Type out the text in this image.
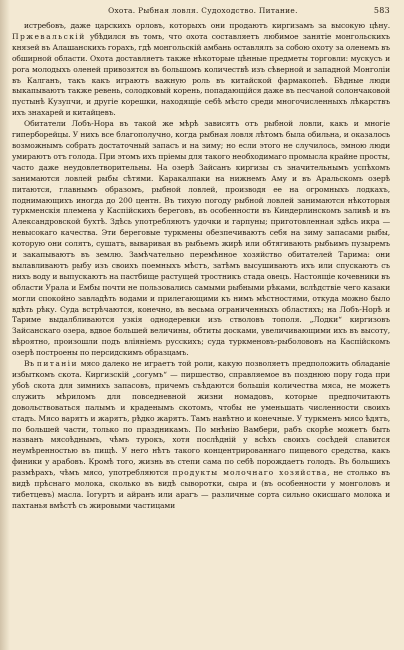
Охота. Рыбная ловля. Судоходство. Питание.	583

истребовъ, даже царскихъ орловъ, которыхъ они продаютъ киргизамъ за высокую цѣну. Пржевальскій убѣдился въ томъ, что охота составляетъ любимое занятіе монгольскихъ князей въ Алашанскихъ горахъ, гдѣ монгольскій амбань оставлялъ за собою охоту за оленемъ въ обширной области. Охота доставляетъ также нѣкоторые цѣнные предметы торговли: мускусъ и рога молодыхъ оленей привозятся въ большомъ количествѣ изъ сѣверной и западной Монголіи въ Калганъ, такъ какъ играютъ важную роль въ китайской фармакопеѣ. Бѣдные люди выкапываютъ также ревень, солодковый корень, попадающійся даже въ песчаной солончаковой пустынѣ Кузупчи, и другіе корешки, находящіе себѣ мѣсто среди многочисленныхъ лѣкарствъ ихъ знахарей и китайцевъ.

Обитатели Лобъ-Нора въ такой же мѣрѣ зависятъ отъ рыбной ловли, какъ и многіе гиперборейцы. У нихъ все благополучно, когда рыбная ловля лѣтомъ была обильна, и оказалось возможнымъ собрать достаточный запасъ и на зиму; но если этого не случилось, эмною люди умираютъ отъ голода. При этомъ ихъ пріемы для такого необходимаго промысла крайне просты, часто даже неудовлетворительны. На озерѣ Зайсанъ киргизы съ значительнымъ успѣхомъ занимаются ловлей рыбы сѣтями. Каракалпаки на нижнемъ Аму и въ Аральскомъ озерѣ питаются, главнымъ образомъ, рыбной ловлей, производя ее на огромныхъ лодкахъ, поднимающихъ иногда до 200 центн. Въ тихую погоду рыбной ловлей занимаются нѣкоторыя туркменскія племена у Каспійскихъ береговъ, въ особенности въ Киндерлинскомъ заливѣ и въ Александровской бухтѣ. Здѣсь употребляютъ удочки и гарпуны; приготовленная здѣсь икра — невысокаго качества. Эти береговые туркмены обезпечиваютъ себя на зиму запасами рыбы, которую они солятъ, сушатъ, вываривая въ рыбьемъ жирѣ или обтягивають рыбьимъ пузыремъ и закапываютъ въ землю. Замѣчательно перемѣнное хозяйство обитателей Тарима: они вылавливаютъ рыбу изъ своихъ поемныхъ мѣстъ, затѣмъ высушиваютъ ихъ или спускаютъ съ нихъ воду и выпускаютъ на пастбище растущей тростникъ стада овецъ. Настоящіе кочевники въ области Урала и Ембы почти не пользовались самыми рыбными рѣками, вслѣдствіе чего казаки могли спокойно завладѣть водами и прилегающими къ нимъ мѣстностями, откуда можно было вдѣть рѣку. Суда встрѣчаются, конечно, въ весьма ограниченныхъ областяхъ; на Лобъ-Норѣ и Тариме выдалбливаются узкія однодеревки изъ стволовъ тополя. „Лодки“ киргизовъ Зайсанскаго озера, вдвое большей величины, обтиты досками, увеличивающими ихъ въ высоту, вѣроятно, произошли подъ вліяніемъ русскихъ; суда туркменовъ-рыболововъ на Каспійскомъ озерѣ построены по персидскимъ образцамъ.

Въ питаніи мясо далеко не играетъ той роли, какую позволяетъ предположить обладаніе избыткомъ скота. Киргизскій „согумъ“ — пиршество, справляемое въ позднюю пору года при убоѣ скота для зимнихъ запасовъ, причемъ съѣдаются большія количества мяса, не можетъ служить мѣриломъ для повседневной жизни номадовъ, которые предпочитаютъ довольствоваться палымъ и краденымъ скотомъ, чтобы не уменьшать численности своихъ стадъ. Мясо варятъ и жарятъ, рѣдко жарятъ. Тамъ навѣтно и конечные. У туркменъ мясо ѣдятъ, по большей части, только по праздникамъ. По мнѣнію Вамбери, рабъ скорѣе можетъ быть названъ мясоѣднымъ, чѣмъ турокъ, хотя послѣдній у всѣхъ своихъ сосѣдей славится неумѣренностью въ пищѣ. У него нѣтъ такого концентрированнаго пищевого средства, какъ финики у арабовъ. Кромѣ того, жизнь въ степи сама по себѣ порождаетъ голодъ. Въ большихъ размѣрахъ, чѣмъ мясо, употребляются продукты молочнаго хозяйства, не столько въ видѣ прѣснаго молока, сколько въ видѣ сыворотки, сыра и (въ особенности у монголовъ и тибетцевъ) масла. Іогуртъ и айранъ или арагъ — различные сорта сильно окисшаго молока и пахтанья вмѣстѣ съ жировыми частицами
